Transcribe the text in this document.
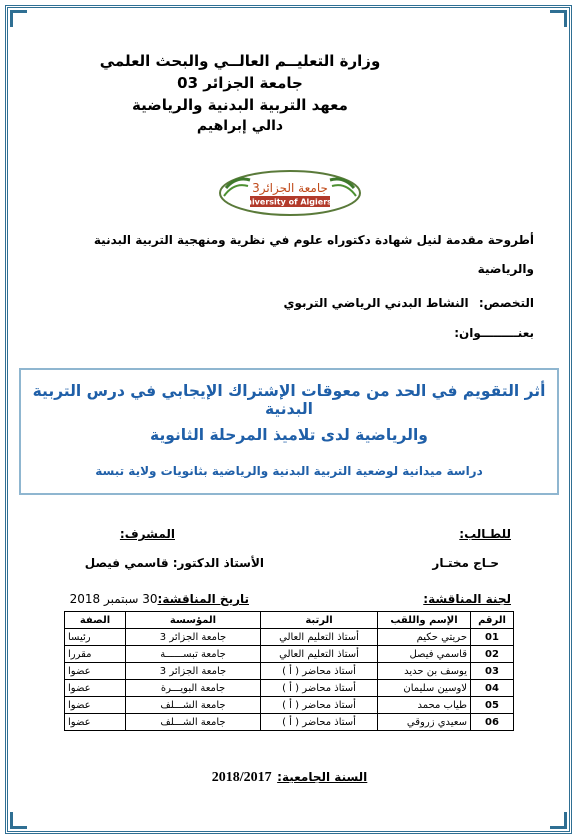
وزارة التعليــم العالــي والبحث العلمي
جامعة الجزائر 03
معهد التربية البدنية والرياضية
دالي إبراهيم
جامعة الجزائر3
University of Algiers 3
أطروحة مقدمة لنيل شهادة دكتوراه علوم في نظرية ومنهجية التربية البدنية
والرياضية
التخصص: النشاط البدني الرياضي التربوي
بعنـــــــــوان:
أثر التقويم في الحد من معوقات الإشتراك الإيجابي في درس التربية البدنية
والرياضية لدى تلاميذ المرحلة الثانوية
دراسة ميدانية لوضعية التربية البدنية والرياضية بثانويات ولاية تبسة
للطـالب:
حـاج مختـار
المشرف:
الأستاذ الدكتور: قاسمي فيصل
لجنة المناقشة:
تاريخ المناقشة:30 سبتمبر 2018
الرقم	الإسم واللقب	الرتبة	المؤسسة	الصفة
01	حريتي حكيم	أستاذ التعليم العالي	جامعة الجزائر 3	رئيسا
02	قاسمي فيصل	أستاذ التعليم العالي	جامعة تبســــــة	مقررا
03	يوسف بن حديد	أستاذ محاضر ( أ )	جامعة الجزائر 3	عضوا
04	لاوسين سليمان	أستاذ محاضر ( أ )	جامعة البويـــرة	عضوا
05	طياب محمد	أستاذ محاضر ( أ )	جامعة الشـــلف	عضوا
06	سعيدي زروقي	أستاذ محاضر ( أ )	جامعة الشـــلف	عضوا
السنة الجامعية: 2018/2017
